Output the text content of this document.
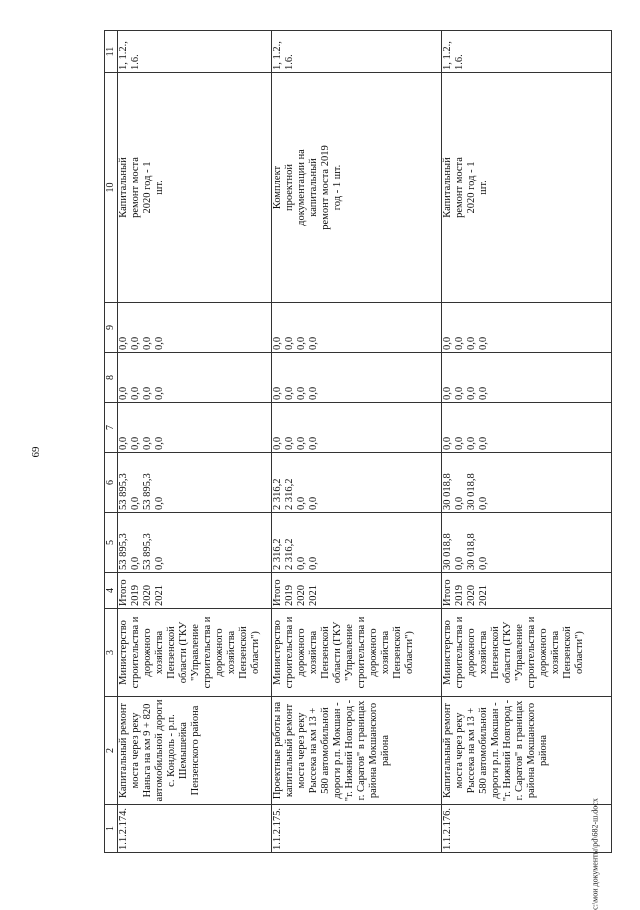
69
1	2	3	4	5	6	7	8	9	10	11
1.1.2.174.	Капитальный ремонт моста через реку Наньга на км 9 + 820 автомобильной дороги с. Кондоль - р.п. Шемышейка Пензенского района	Министерство строительства и дорожного хозяйства Пензенской области (ГКУ "Управление строительства и дорожного хозяйства Пензенской области")	Итого 2019 2020 2021	53 895,3 0,0 53 895,3 0,0	53 895,3 0,0 53 895,3 0,0	0,0 0,0 0,0 0,0	0,0 0,0 0,0 0,0	0,0 0,0 0,0 0,0	Капитальный ремонт моста 2020 год - 1 шт.	1, 1.2., 1.6.
1.1.2.175.	Проектные работы на капитальный ремонт моста через реку Рыссека на км 13 + 580 автомобильной дороги р.п. Мокшан - "г. Нижний Новгород - г. Саратов" в границах района Мокшанского района	Министерство строительства и дорожного хозяйства Пензенской области (ГКУ "Управление строительства и дорожного хозяйства Пензенской области")	Итого 2019 2020 2021	2 316,2 2 316,2 0,0 0,0	2 316,2 2 316,2 0,0 0,0	0,0 0,0 0,0 0,0	0,0 0,0 0,0 0,0	0,0 0,0 0,0 0,0	Комплект проектной документации на капитальный ремонт моста 2019 год - 1 шт.	1, 1.2., 1.6.
1.1.2.176.	Капитальный ремонт моста через реку Рыссека на км 13 + 580 автомобильной дороги р.п. Мокшан - "г. Нижний Новгород - г. Саратов" в границах района Мокшанского района	Министерство строительства и дорожного хозяйства Пензенской области (ГКУ "Управление строительства и дорожного хозяйства Пензенской области")	Итого 2019 2020 2021	30 018,8 0,0 30 018,8 0,0	30 018,8 0,0 30 018,8 0,0	0,0 0,0 0,0 0,0	0,0 0,0 0,0 0,0	0,0 0,0 0,0 0,0	Капитальный ремонт моста 2020 год - 1 шт.	1, 1.2., 1.6.
c:\мои документы\pd\682-ш.docx
